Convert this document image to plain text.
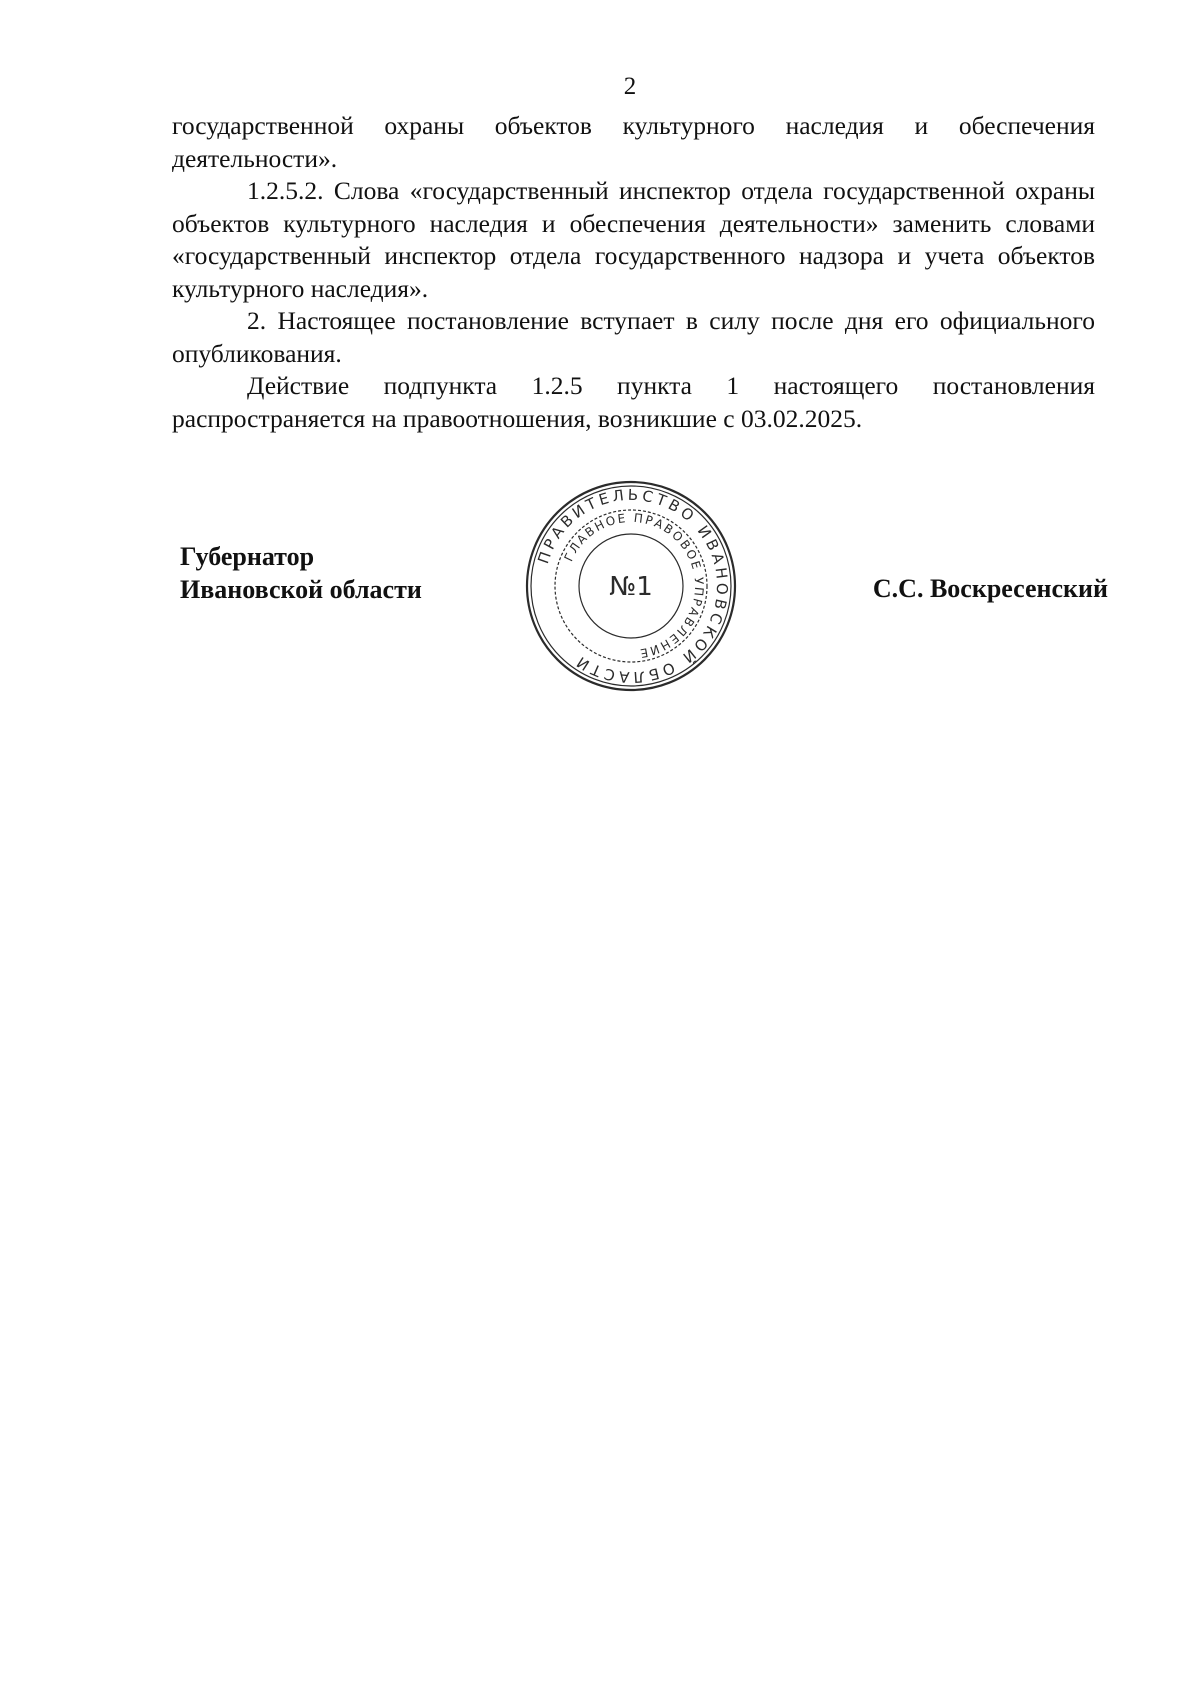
2

государственной охраны объектов культурного наследия и обеспечения деятельности».

1.2.5.2. Слова «государственный инспектор отдела государственной охраны объектов культурного наследия и обеспечения деятельности» заменить словами «государственный инспектор отдела государственного надзора и учета объектов культурного наследия».

2. Настоящее постановление вступает в силу после дня его официального опубликования.

Действие подпункта 1.2.5 пункта 1 настоящего постановления распространяется на правоотношения, возникшие с 03.02.2025.

Губернатор
Ивановской области
ПРАВИТЕЛЬСТВО ИВАНОВСКОЙ ОБЛАСТИ
ГЛАВНОЕ ПРАВОВОЕ УПРАВЛЕНИЕ
№1	С.С. Воскресенский
